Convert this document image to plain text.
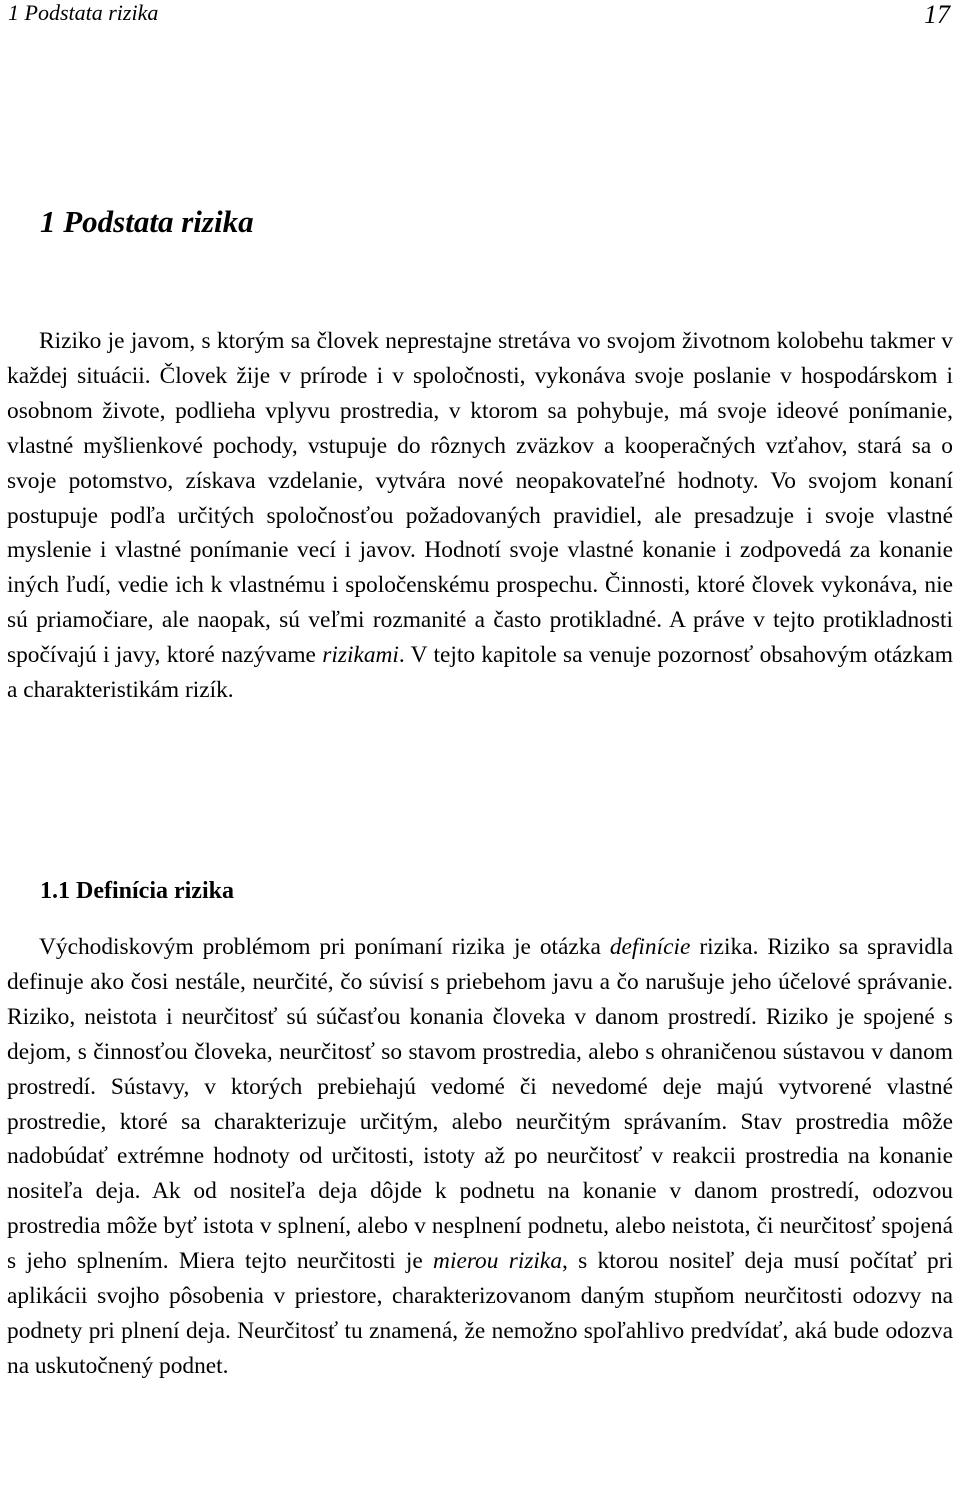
1 Podstata rizika	17
1 Podstata rizika

Riziko je javom, s ktorým sa človek neprestajne stretáva vo svojom životnom kolobehu takmer v každej situácii. Človek žije v prírode i v spoločnosti, vykonáva svoje poslanie v hospodárskom i osobnom živote, podlieha vplyvu prostredia, v ktorom sa pohybuje, má svoje ideové ponímanie, vlastné myšlienkové pochody, vstupuje do rôznych zväzkov a kooperačných vzťahov, stará sa o svoje potomstvo, získava vzdelanie, vytvára nové neopakovateľné hodnoty. Vo svojom konaní postupuje podľa určitých spoločnosťou požadovaných pravidiel, ale presadzuje i svoje vlastné myslenie i vlastné ponímanie vecí i javov. Hodnotí svoje vlastné konanie i zodpovedá za konanie iných ľudí, vedie ich k vlastnému i spoločenskému prospechu. Činnosti, ktoré človek vykonáva, nie sú priamočiare, ale naopak, sú veľmi rozmanité a často protikladné. A práve v tejto protikladnosti spočívajú i javy, ktoré nazývame rizikami. V tejto kapitole sa venuje pozornosť obsahovým otázkam a charakteristikám rizík.

1.1 Definícia rizika

Východiskovým problémom pri ponímaní rizika je otázka definície rizika. Riziko sa spravidla definuje ako čosi nestále, neurčité, čo súvisí s priebehom javu a čo narušuje jeho účelové správanie. Riziko, neistota i neurčitosť sú súčasťou konania človeka v danom prostredí. Riziko je spojené s dejom, s činnosťou človeka, neurčitosť so stavom prostredia, alebo s ohraničenou sústavou v danom prostredí. Sústavy, v ktorých prebiehajú vedomé či nevedomé deje majú vytvorené vlastné prostredie, ktoré sa charakterizuje určitým, alebo neurčitým správaním. Stav prostredia môže nadobúdať extrémne hodnoty od určitosti, istoty až po neurčitosť v reakcii prostredia na konanie nositeľa deja. Ak od nositeľa deja dôjde k podnetu na konanie v danom prostredí, odozvou prostredia môže byť istota v splnení, alebo v nesplnení podnetu, alebo neistota, či neurčitosť spojená s jeho splnením. Miera tejto neurčitosti je mierou rizika, s ktorou nositeľ deja musí počítať pri aplikácii svojho pôsobenia v priestore, charakterizovanom daným stupňom neurčitosti odozvy na podnety pri plnení deja. Neurčitosť tu znamená, že nemožno spoľahlivo predvídať, aká bude odozva na uskutočnený podnet.
